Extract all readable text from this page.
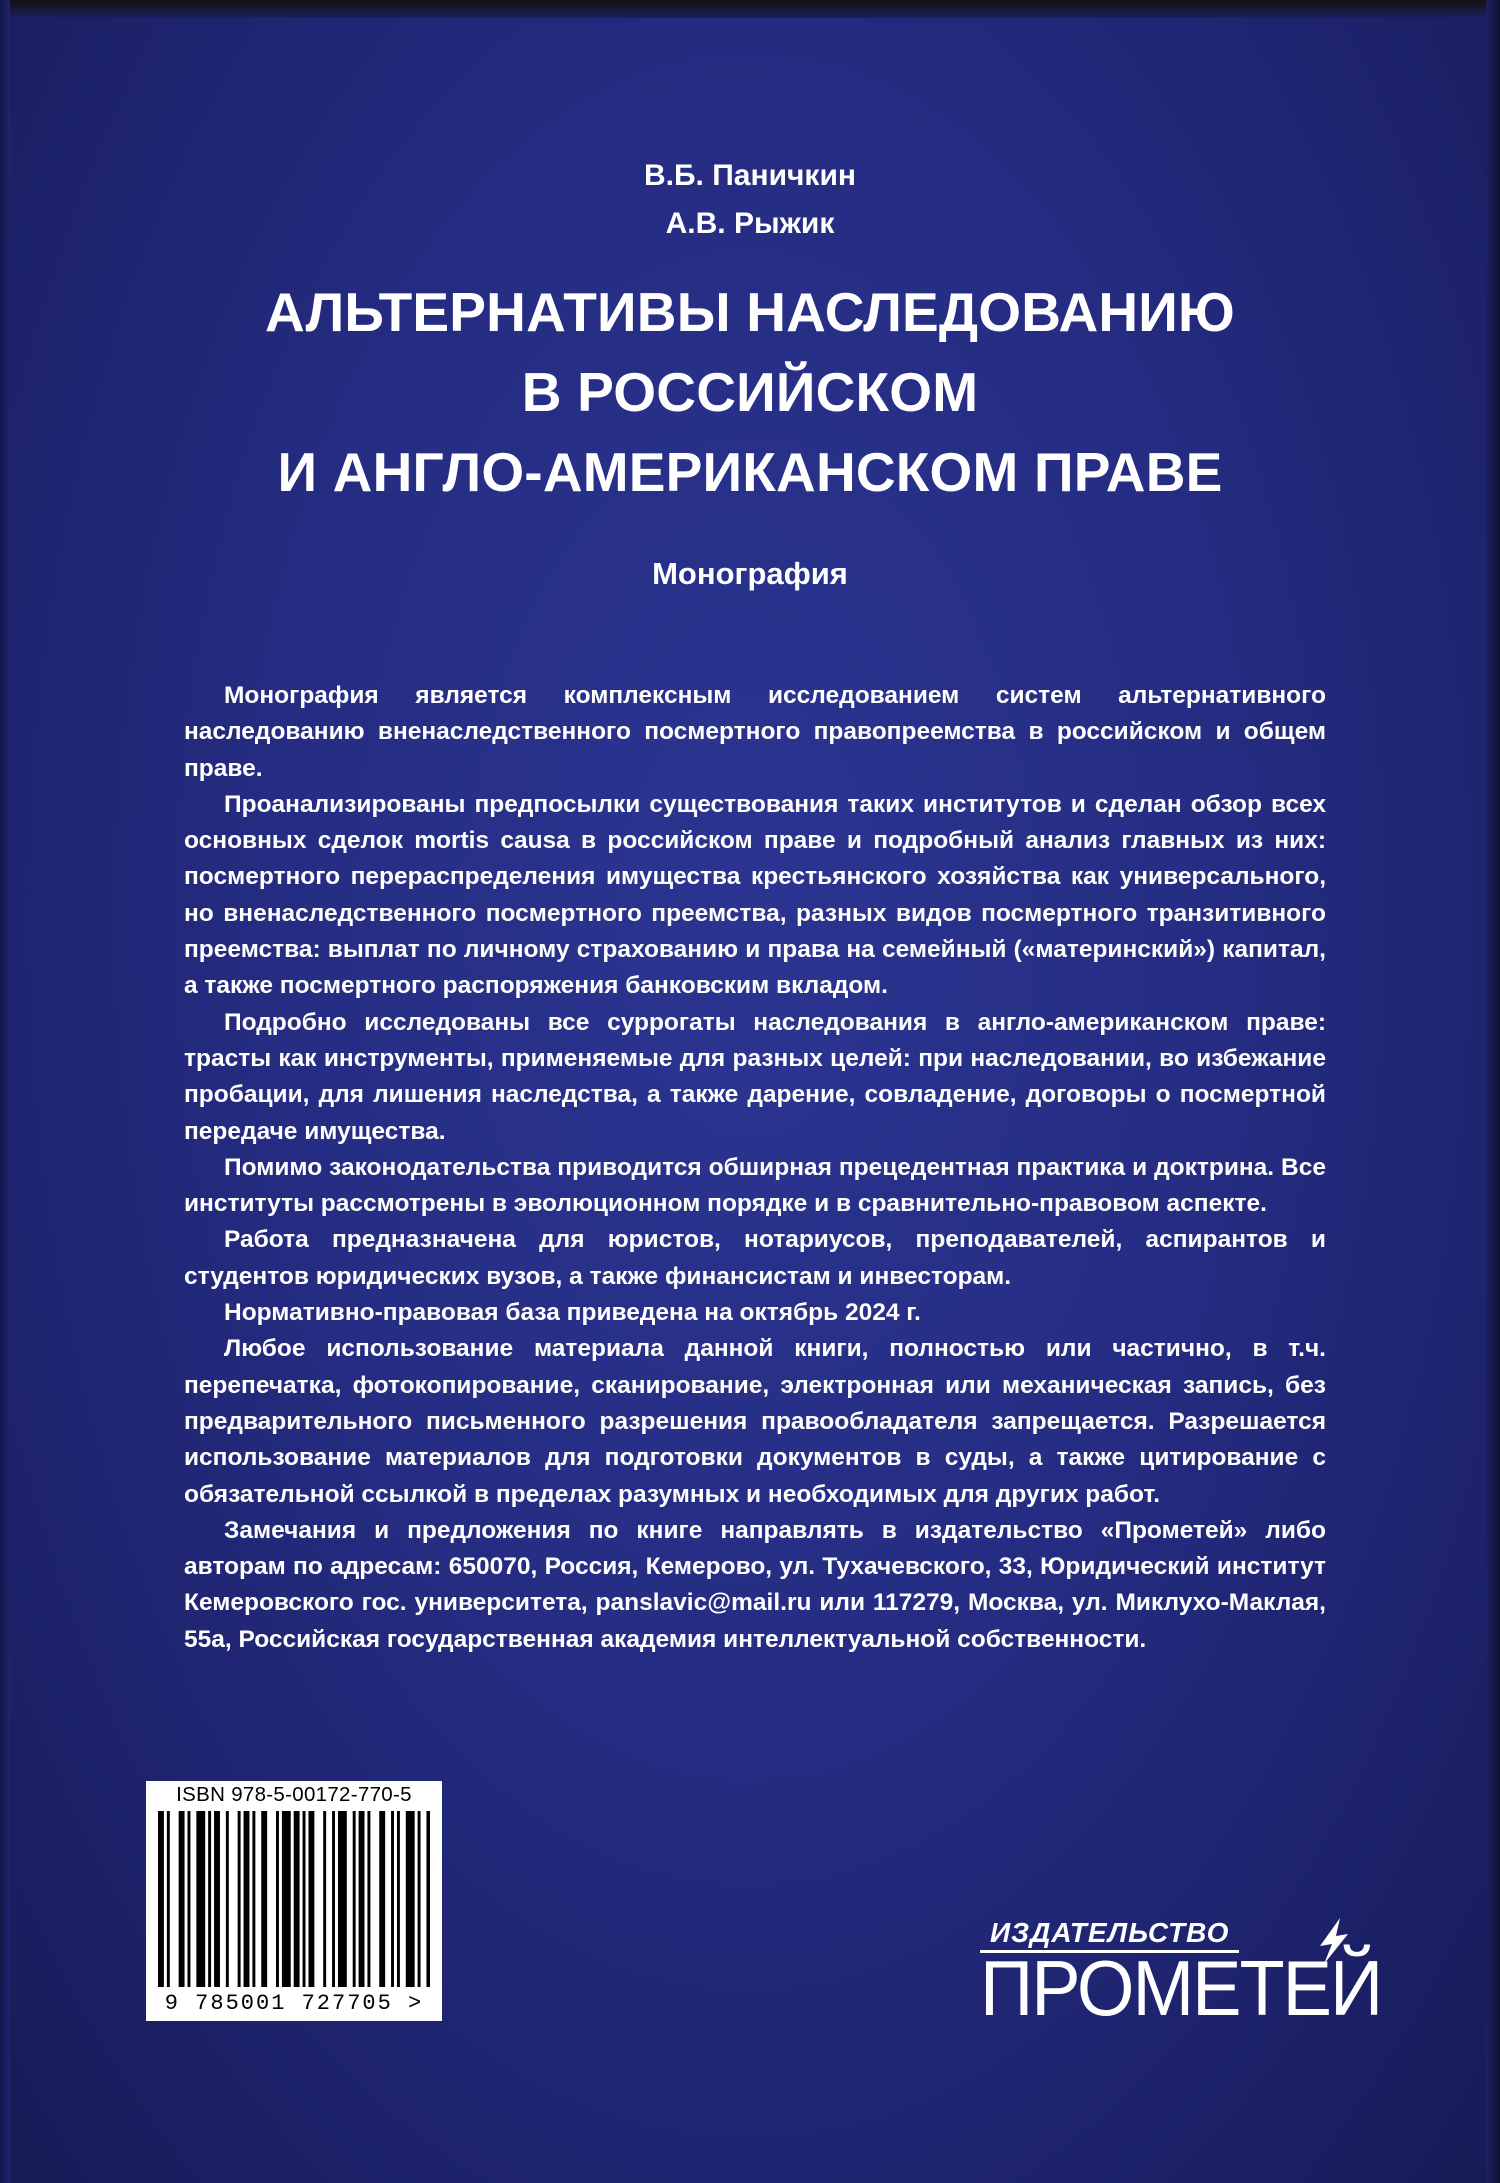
В.Б. Паничкин
А.В. Рыжик
АЛЬТЕРНАТИВЫ НАСЛЕДОВАНИЮ
В РОССИЙСКОМ
И АНГЛО-АМЕРИКАНСКОМ ПРАВЕ
Монография

Монография является комплексным исследованием систем альтернативного наследованию вненаследственного посмертного правопреемства в российском и общем праве.

Проанализированы предпосылки существования таких институтов и сделан обзор всех основных сделок mortis causa в российском праве и подробный анализ главных из них: посмертного перераспределения имущества крестьянского хозяйства как универсального, но вненаследственного посмертного преемства, разных видов посмертного транзитивного преемства: выплат по личному страхованию и права на семейный («материнский») капитал, а также посмертного распоряжения банковским вкладом.

Подробно исследованы все суррогаты наследования в англо-американском праве: трасты как инструменты, применяемые для разных целей: при наследовании, во избежание пробации, для лишения наследства, а также дарение, совладение, договоры о посмертной передаче имущества.

Помимо законодательства приводится обширная прецедентная практика и доктрина. Все институты рассмотрены в эволюционном порядке и в сравнительно-правовом аспекте.

Работа предназначена для юристов, нотариусов, преподавателей, аспирантов и студентов юридических вузов, а также финансистам и инвесторам.

Нормативно-правовая база приведена на октябрь 2024 г.

Любое использование материала данной книги, полностью или частично, в т.ч. перепечатка, фотокопирование, сканирование, электронная или механическая запись, без предварительного письменного разрешения правообладателя запрещается. Разрешается использование материалов для подготовки документов в суды, а также цитирование с обязательной ссылкой в пределах разумных и необходимых для других работ.

Замечания и предложения по книге направлять в издательство «Прометей» либо авторам по адресам: 650070, Россия, Кемерово, ул. Тухачевского, 33, Юридический институт Кемеровского гос. университета, panslavic@mail.ru или 117279, Москва, ул. Миклухо-Маклая, 55а, Российская государственная академия интеллектуальной собственности.

ISBN 978-5-00172-770-5
9 785001 727705 >
ИЗДАТЕЛЬСТВО
ПРОМЕТЕЙ
